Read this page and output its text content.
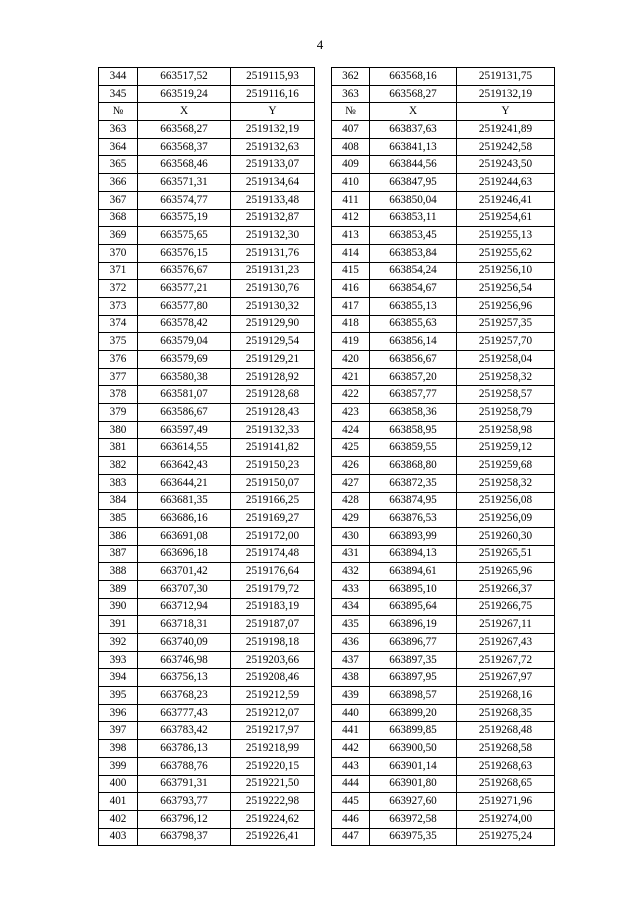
4
344	663517,52	2519115,93
345	663519,24	2519116,16
№	X	Y
363	663568,27	2519132,19
364	663568,37	2519132,63
365	663568,46	2519133,07
366	663571,31	2519134,64
367	663574,77	2519133,48
368	663575,19	2519132,87
369	663575,65	2519132,30
370	663576,15	2519131,76
371	663576,67	2519131,23
372	663577,21	2519130,76
373	663577,80	2519130,32
374	663578,42	2519129,90
375	663579,04	2519129,54
376	663579,69	2519129,21
377	663580,38	2519128,92
378	663581,07	2519128,68
379	663586,67	2519128,43
380	663597,49	2519132,33
381	663614,55	2519141,82
382	663642,43	2519150,23
383	663644,21	2519150,07
384	663681,35	2519166,25
385	663686,16	2519169,27
386	663691,08	2519172,00
387	663696,18	2519174,48
388	663701,42	2519176,64
389	663707,30	2519179,72
390	663712,94	2519183,19
391	663718,31	2519187,07
392	663740,09	2519198,18
393	663746,98	2519203,66
394	663756,13	2519208,46
395	663768,23	2519212,59
396	663777,43	2519212,07
397	663783,42	2519217,97
398	663786,13	2519218,99
399	663788,76	2519220,15
400	663791,31	2519221,50
401	663793,77	2519222,98
402	663796,12	2519224,62
403	663798,37	2519226,41
362	663568,16	2519131,75
363	663568,27	2519132,19
№	X	Y
407	663837,63	2519241,89
408	663841,13	2519242,58
409	663844,56	2519243,50
410	663847,95	2519244,63
411	663850,04	2519246,41
412	663853,11	2519254,61
413	663853,45	2519255,13
414	663853,84	2519255,62
415	663854,24	2519256,10
416	663854,67	2519256,54
417	663855,13	2519256,96
418	663855,63	2519257,35
419	663856,14	2519257,70
420	663856,67	2519258,04
421	663857,20	2519258,32
422	663857,77	2519258,57
423	663858,36	2519258,79
424	663858,95	2519258,98
425	663859,55	2519259,12
426	663868,80	2519259,68
427	663872,35	2519258,32
428	663874,95	2519256,08
429	663876,53	2519256,09
430	663893,99	2519260,30
431	663894,13	2519265,51
432	663894,61	2519265,96
433	663895,10	2519266,37
434	663895,64	2519266,75
435	663896,19	2519267,11
436	663896,77	2519267,43
437	663897,35	2519267,72
438	663897,95	2519267,97
439	663898,57	2519268,16
440	663899,20	2519268,35
441	663899,85	2519268,48
442	663900,50	2519268,58
443	663901,14	2519268,63
444	663901,80	2519268,65
445	663927,60	2519271,96
446	663972,58	2519274,00
447	663975,35	2519275,24
